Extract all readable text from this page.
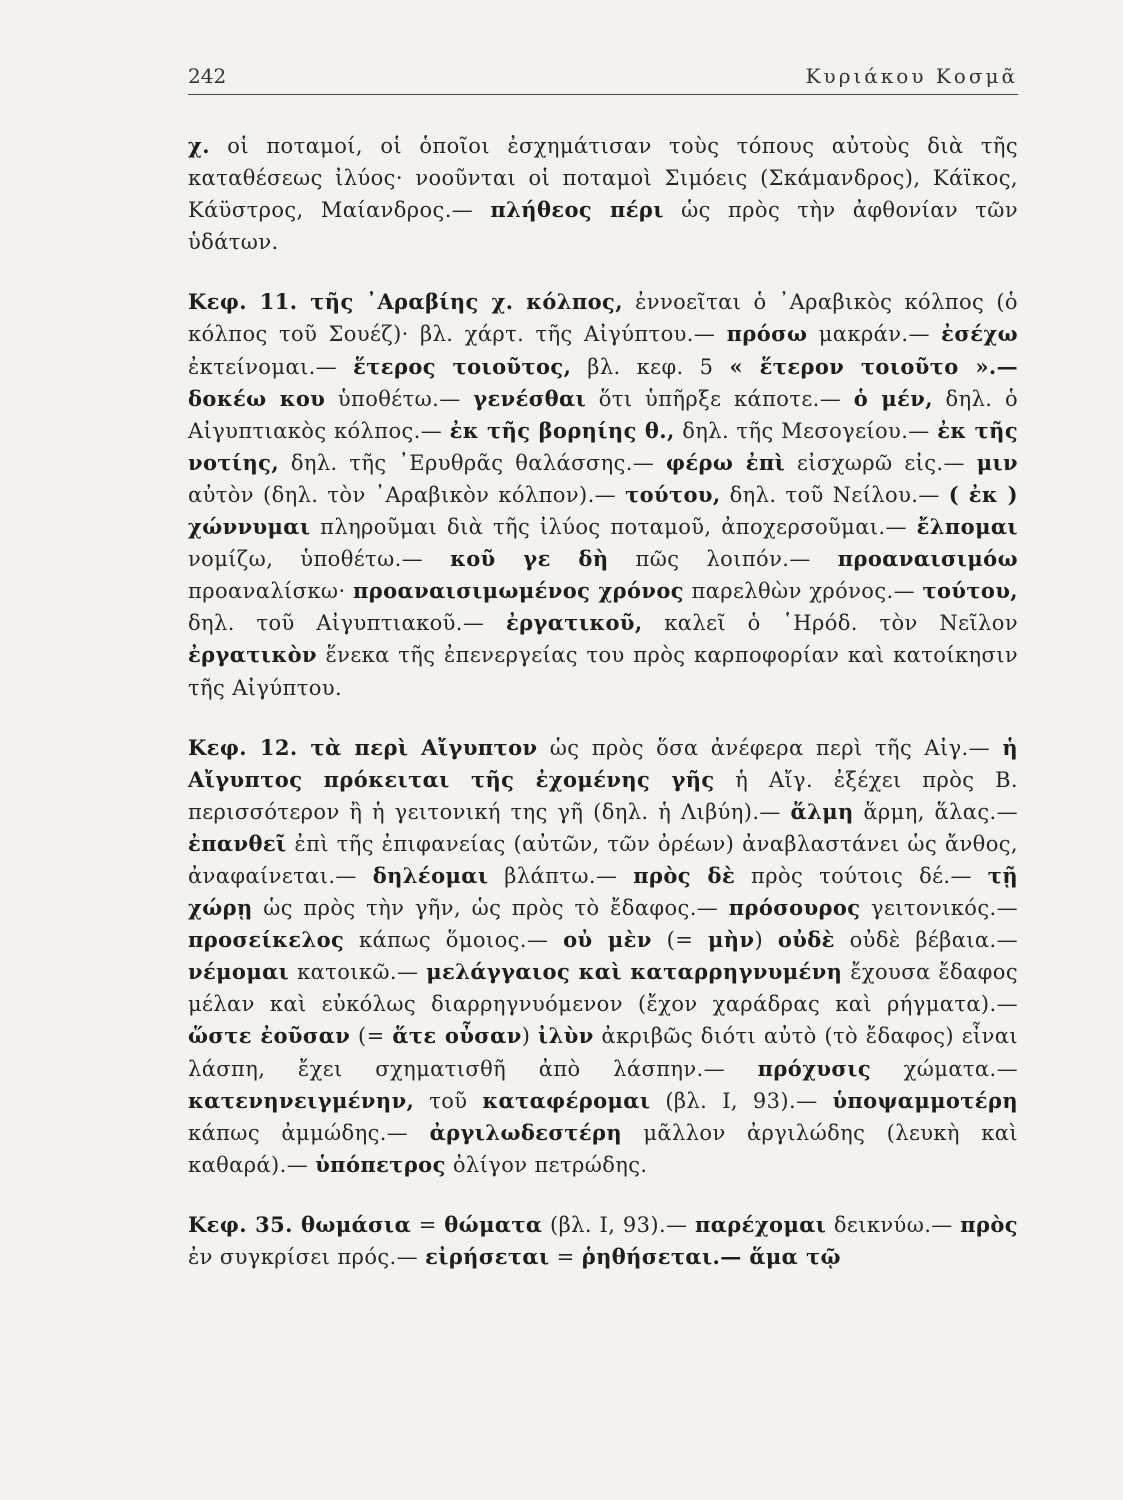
242	Κυριάκου Κοσμᾶ

χ. οἱ ποταμοί, οἱ ὁποῖοι ἐσχημάτισαν τοὺς τόπους αὐτοὺς διὰ τῆς καταθέσεως ἰλύος· νοοῦνται οἱ ποταμοὶ Σιμόεις (Σκάμανδρος), Κάϊκος, Κάϋστρος, Μαίανδρος.— πλήθεος πέρι ὡς πρὸς τὴν ἀφθονίαν τῶν ὑδάτων.

Κεφ. 11. τῆς ᾿Αραβίης χ. κόλπος, ἐννοεῖται ὁ ᾿Αραβικὸς κόλπος (ὁ κόλπος τοῦ Σουέζ)· βλ. χάρτ. τῆς Αἰγύπτου.— πρόσω μακράν.— ἐσέχω ἐκτείνομαι.— ἕτερος τοιοῦτος, βλ. κεφ. 5 « ἕτερον τοιοῦτο ».— δοκέω κου ὑποθέτω.— γενέσθαι ὅτι ὑπῆρξε κάποτε.— ὁ μέν, δηλ. ὁ Αἰγυπτιακὸς κόλπος.— ἐκ τῆς βορηίης θ., δηλ. τῆς Μεσογείου.— ἐκ τῆς νοτίης, δηλ. τῆς ᾿Ερυθρᾶς θαλάσσης.— φέρω ἐπὶ εἰσχωρῶ εἰς.— μιν αὐτὸν (δηλ. τὸν ᾿Αραβικὸν κόλπον).— τούτου, δηλ. τοῦ Νείλου.— ( ἐκ ) χώννυμαι πληροῦμαι διὰ τῆς ἰλύος ποταμοῦ, ἀποχερσοῦμαι.— ἔλπομαι νομίζω, ὑποθέτω.— κοῦ γε δὴ πῶς λοιπόν.— προαναισιμόω προαναλίσκω· προαναισιμωμένος χρόνος παρελθὼν χρόνος.— τούτου, δηλ. τοῦ Αἰγυπτιακοῦ.— ἐργατικοῦ, καλεῖ ὁ ῾Ηρόδ. τὸν Νεῖλον ἐργατικὸν ἕνεκα τῆς ἐπενεργείας του πρὸς καρποφορίαν καὶ κατοίκησιν τῆς Αἰγύπτου.

Κεφ. 12. τὰ περὶ Αἴγυπτον ὡς πρὸς ὅσα ἀνέφερα περὶ τῆς Αἰγ.— ἡ Αἴγυπτος πρόκειται τῆς ἐχομένης γῆς ἡ Αἴγ. ἐξέχει πρὸς Β. περισσότερον ἢ ἡ γειτονική της γῆ (δηλ. ἡ Λιβύη).— ἅλμη ἅρμη, ἅλας.— ἐπανθεῖ ἐπὶ τῆς ἐπιφανείας (αὐτῶν, τῶν ὀρέων) ἀναβλαστάνει ὡς ἄνθος, ἀναφαίνεται.— δηλέομαι βλάπτω.— πρὸς δὲ πρὸς τούτοις δέ.— τῇ χώρῃ ὡς πρὸς τὴν γῆν, ὡς πρὸς τὸ ἔδαφος.— πρόσουρος γειτονικός.— προσείκελος κάπως ὅμοιος.— οὐ μὲν (= μὴν) οὐδὲ οὐδὲ βέβαια.— νέμομαι κατοικῶ.— μελάγγαιος καὶ καταρρηγνυμένη ἔχουσα ἔδαφος μέλαν καὶ εὐκόλως διαρρηγνυόμενον (ἔχον χαράδρας καὶ ρήγματα).— ὥστε ἐοῦσαν (= ἅτε οὖσαν) ἰλὺν ἀκριβῶς διότι αὐτὸ (τὸ ἔδαφος) εἶναι λάσπη, ἔχει σχηματισθῆ ἀπὸ λάσπην.— πρόχυσις χώματα.— κατενηνειγμένην, τοῦ καταφέρομαι (βλ. I, 93).— ὑποψαμμοτέρη κάπως ἀμμώδης.— ἀργιλωδεστέρη μᾶλλον ἀργιλώδης (λευκὴ καὶ καθαρά).— ὑπόπετρος ὀλίγον πετρώδης.

Κεφ. 35. θωμάσια = θώματα (βλ. I, 93).— παρέχομαι δεικνύω.— πρὸς ἐν συγκρίσει πρός.— εἰρήσεται = ῥηθήσεται.— ἅμα τῷ
